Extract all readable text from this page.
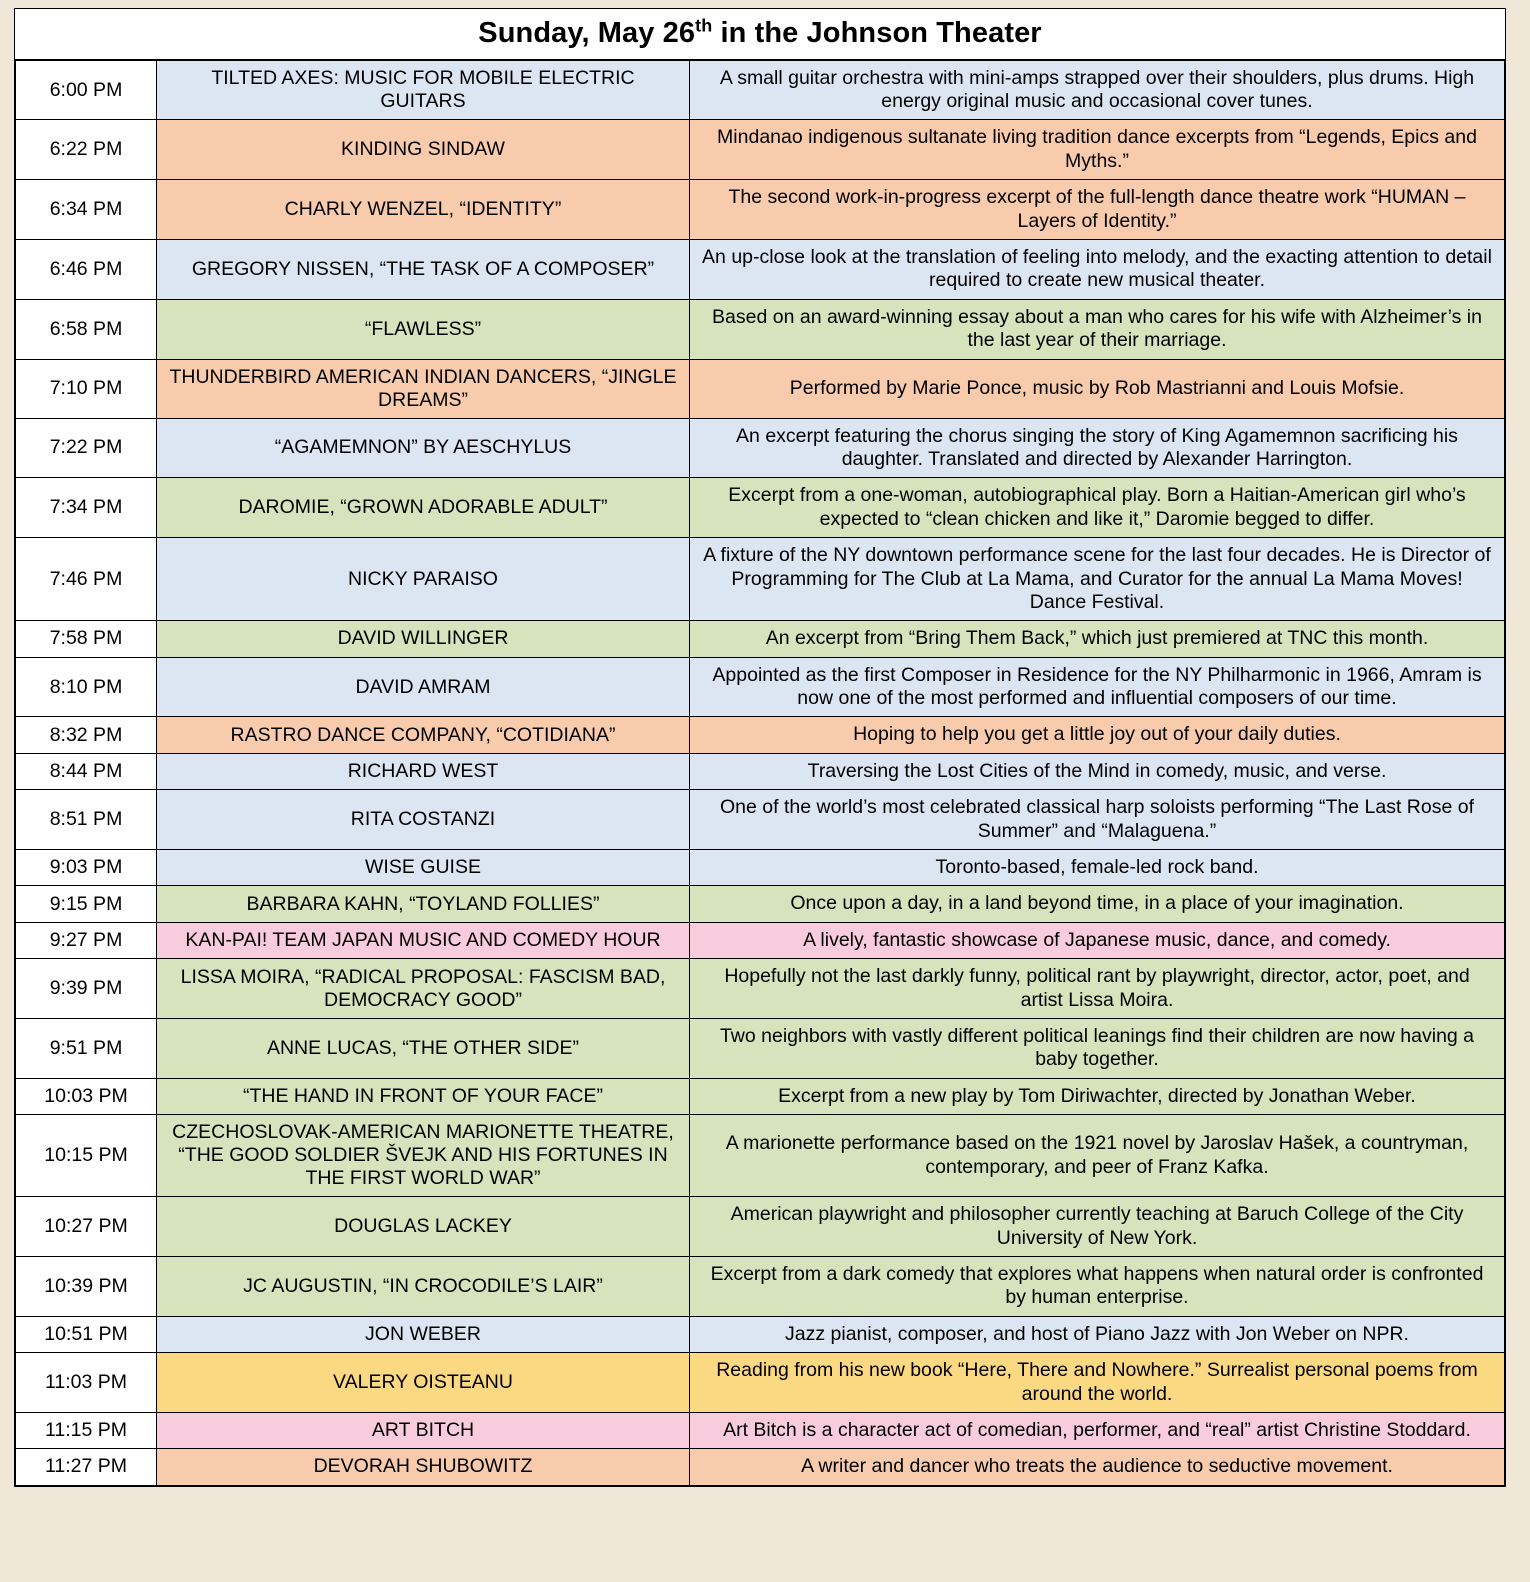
Sunday, May 26th in the Johnson Theater
6:00 PM	TILTED AXES: MUSIC FOR MOBILE ELECTRIC GUITARS	A small guitar orchestra with mini-amps strapped over their shoulders, plus drums. High energy original music and occasional cover tunes.
6:22 PM	KINDING SINDAW	Mindanao indigenous sultanate living tradition dance excerpts from “Legends, Epics and Myths.”
6:34 PM	CHARLY WENZEL, “IDENTITY”	The second work-in-progress excerpt of the full-length dance theatre work “HUMAN – Layers of Identity.”
6:46 PM	GREGORY NISSEN, “THE TASK OF A COMPOSER”	An up-close look at the translation of feeling into melody, and the exacting attention to detail required to create new musical theater.
6:58 PM	“FLAWLESS”	Based on an award-winning essay about a man who cares for his wife with Alzheimer’s in the last year of their marriage.
7:10 PM	THUNDERBIRD AMERICAN INDIAN DANCERS, “JINGLE DREAMS”	Performed by Marie Ponce, music by Rob Mastrianni and Louis Mofsie.
7:22 PM	“AGAMEMNON” BY AESCHYLUS	An excerpt featuring the chorus singing the story of King Agamemnon sacrificing his daughter. Translated and directed by Alexander Harrington.
7:34 PM	DAROMIE, “GROWN ADORABLE ADULT”	Excerpt from a one-woman, autobiographical play. Born a Haitian-American girl who’s expected to “clean chicken and like it,” Daromie begged to differ.
7:46 PM	NICKY PARAISO	A fixture of the NY downtown performance scene for the last four decades. He is Director of Programming for The Club at La Mama, and Curator for the annual La Mama Moves! Dance Festival.
7:58 PM	DAVID WILLINGER	An excerpt from “Bring Them Back,” which just premiered at TNC this month.
8:10 PM	DAVID AMRAM	Appointed as the first Composer in Residence for the NY Philharmonic in 1966, Amram is now one of the most performed and influential composers of our time.
8:32 PM	RASTRO DANCE COMPANY, “COTIDIANA”	Hoping to help you get a little joy out of your daily duties.
8:44 PM	RICHARD WEST	Traversing the Lost Cities of the Mind in comedy, music, and verse.
8:51 PM	RITA COSTANZI	One of the world’s most celebrated classical harp soloists performing “The Last Rose of Summer” and “Malaguena.”
9:03 PM	WISE GUISE	Toronto-based, female-led rock band.
9:15 PM	BARBARA KAHN, “TOYLAND FOLLIES”	Once upon a day, in a land beyond time, in a place of your imagination.
9:27 PM	KAN-PAI! TEAM JAPAN MUSIC AND COMEDY HOUR	A lively, fantastic showcase of Japanese music, dance, and comedy.
9:39 PM	LISSA MOIRA, “RADICAL PROPOSAL: FASCISM BAD, DEMOCRACY GOOD”	Hopefully not the last darkly funny, political rant by playwright, director, actor, poet, and artist Lissa Moira.
9:51 PM	ANNE LUCAS, “THE OTHER SIDE”	Two neighbors with vastly different political leanings find their children are now having a baby together.
10:03 PM	“THE HAND IN FRONT OF YOUR FACE”	Excerpt from a new play by Tom Diriwachter, directed by Jonathan Weber.
10:15 PM	CZECHOSLOVAK-AMERICAN MARIONETTE THEATRE, “THE GOOD SOLDIER ŠVEJK AND HIS FORTUNES IN THE FIRST WORLD WAR”	A marionette performance based on the 1921 novel by Jaroslav Hašek, a countryman, contemporary, and peer of Franz Kafka.
10:27 PM	DOUGLAS LACKEY	American playwright and philosopher currently teaching at Baruch College of the City University of New York.
10:39 PM	JC AUGUSTIN, “IN CROCODILE’S LAIR”	Excerpt from a dark comedy that explores what happens when natural order is confronted by human enterprise.
10:51 PM	JON WEBER	Jazz pianist, composer, and host of Piano Jazz with Jon Weber on NPR.
11:03 PM	VALERY OISTEANU	Reading from his new book “Here, There and Nowhere.” Surrealist personal poems from around the world.
11:15 PM	ART BITCH	Art Bitch is a character act of comedian, performer, and “real” artist Christine Stoddard.
11:27 PM	DEVORAH SHUBOWITZ	A writer and dancer who treats the audience to seductive movement.
